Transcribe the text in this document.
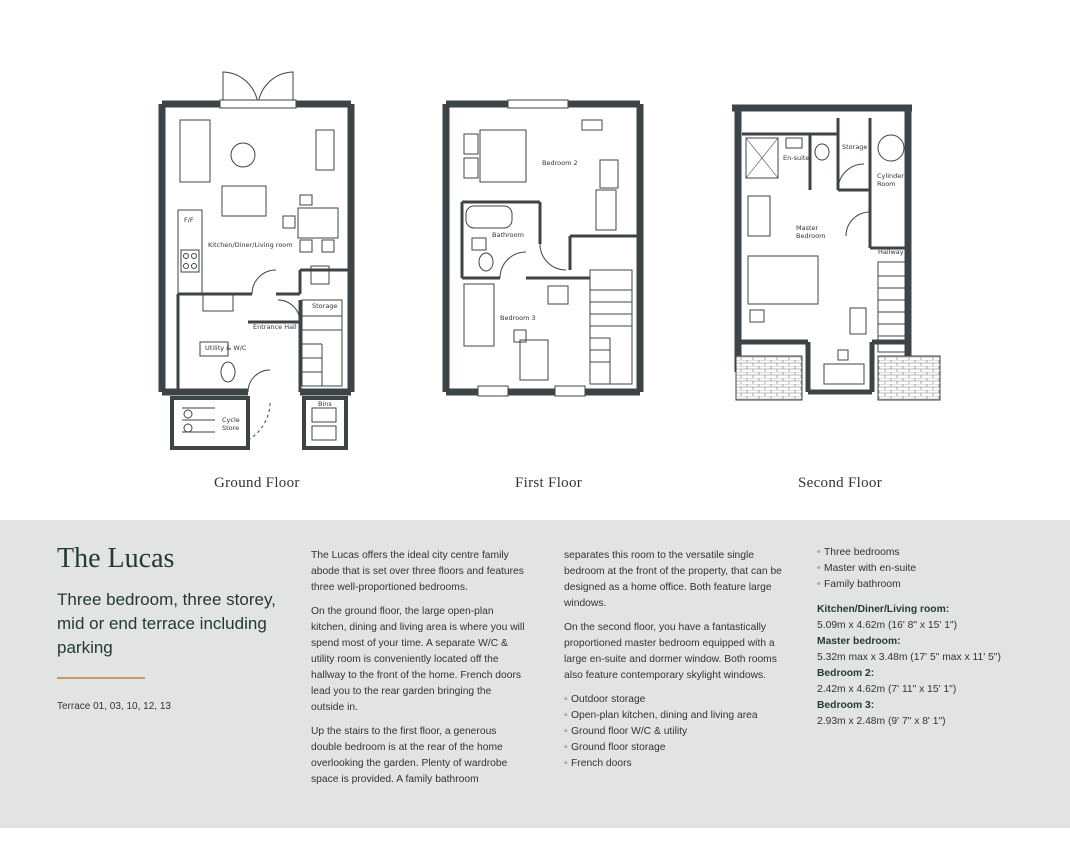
F/F
Kitchen/Diner/Living room
Storage
Entrance Hall
Utility & W/C
Cycle
Store
Bins
Bedroom 2
Bathroom
Bedroom 3
En-suite
Storage
Cylinder
Room
Master
Bedroom
Hallway
Ground Floor	First Floor	Second Floor
The Lucas
Three bedroom, three storey, mid or end terrace including parking
Terrace 01, 03, 10, 12, 13

The Lucas offers the ideal city centre family abode that is set over three floors and features three well-proportioned bedrooms.

On the ground floor, the large open-plan kitchen, dining and living area is where you will spend most of your time. A separate W/C & utility room is conveniently located off the hallway to the front of the home. French doors lead you to the rear garden bringing the outside in.

Up the stairs to the first floor, a generous double bedroom is at the rear of the home overlooking the garden. Plenty of wardrobe space is provided. A family bathroom

separates this room to the versatile single bedroom at the front of the property, that can be designed as a home office. Both feature large windows.

On the second floor, you have a fantastically proportioned master bedroom equipped with a large en-suite and dormer window. Both rooms also feature contemporary skylight windows.

• Outdoor storage
• Open-plan kitchen, dining and living area
• Ground floor W/C & utility
• Ground floor storage
• French doors
• Three bedrooms
• Master with en-suite
• Family bathroom
Kitchen/Diner/Living room:
5.09m x 4.62m (16' 8" x 15' 1")
Master bedroom:
5.32m max x 3.48m (17' 5" max x 11' 5")
Bedroom 2:
2.42m x 4.62m (7' 11" x 15' 1")
Bedroom 3:
2.93m x 2.48m (9' 7" x 8' 1")
